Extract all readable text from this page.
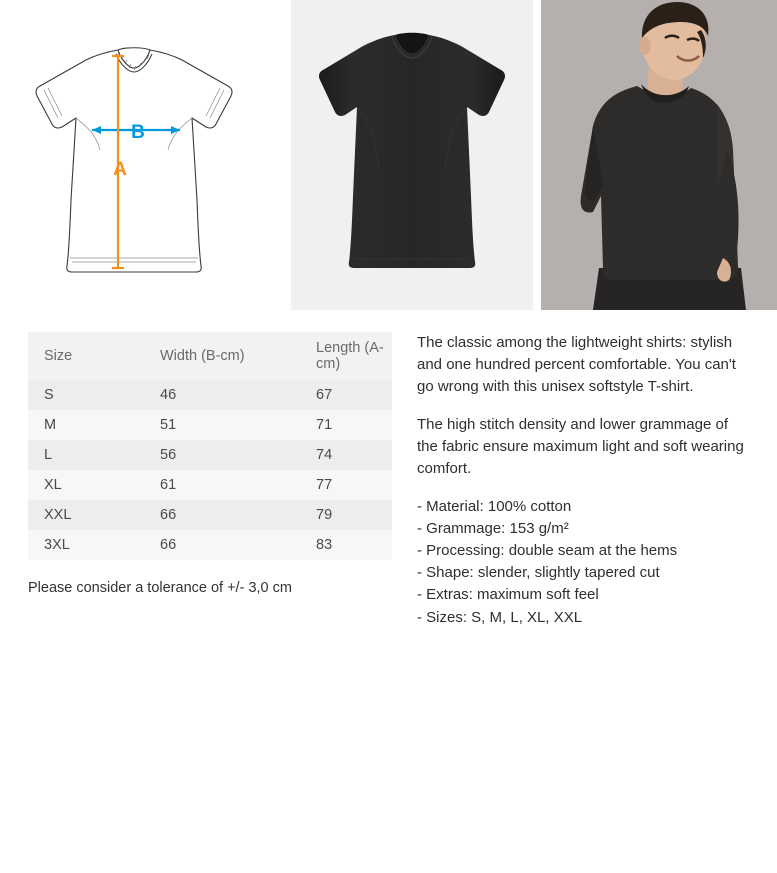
B
A
Size	Width (B-cm)	Length (A-cm)
S	46	67
M	51	71
L	56	74
XL	61	77
XXL	66	79
3XL	66	83
Please consider a tolerance of +/- 3,0 cm

The classic among the lightweight shirts: stylish and one hundred percent comfortable. You can't go wrong with this unisex softstyle T-shirt.

The high stitch density and lower grammage of the fabric ensure maximum light and soft wearing comfort.

- Material: 100% cotton
- Grammage: 153 g/m²
- Processing: double seam at the hems
- Shape: slender, slightly tapered cut
- Extras: maximum soft feel
- Sizes: S, M, L, XL, XXL
